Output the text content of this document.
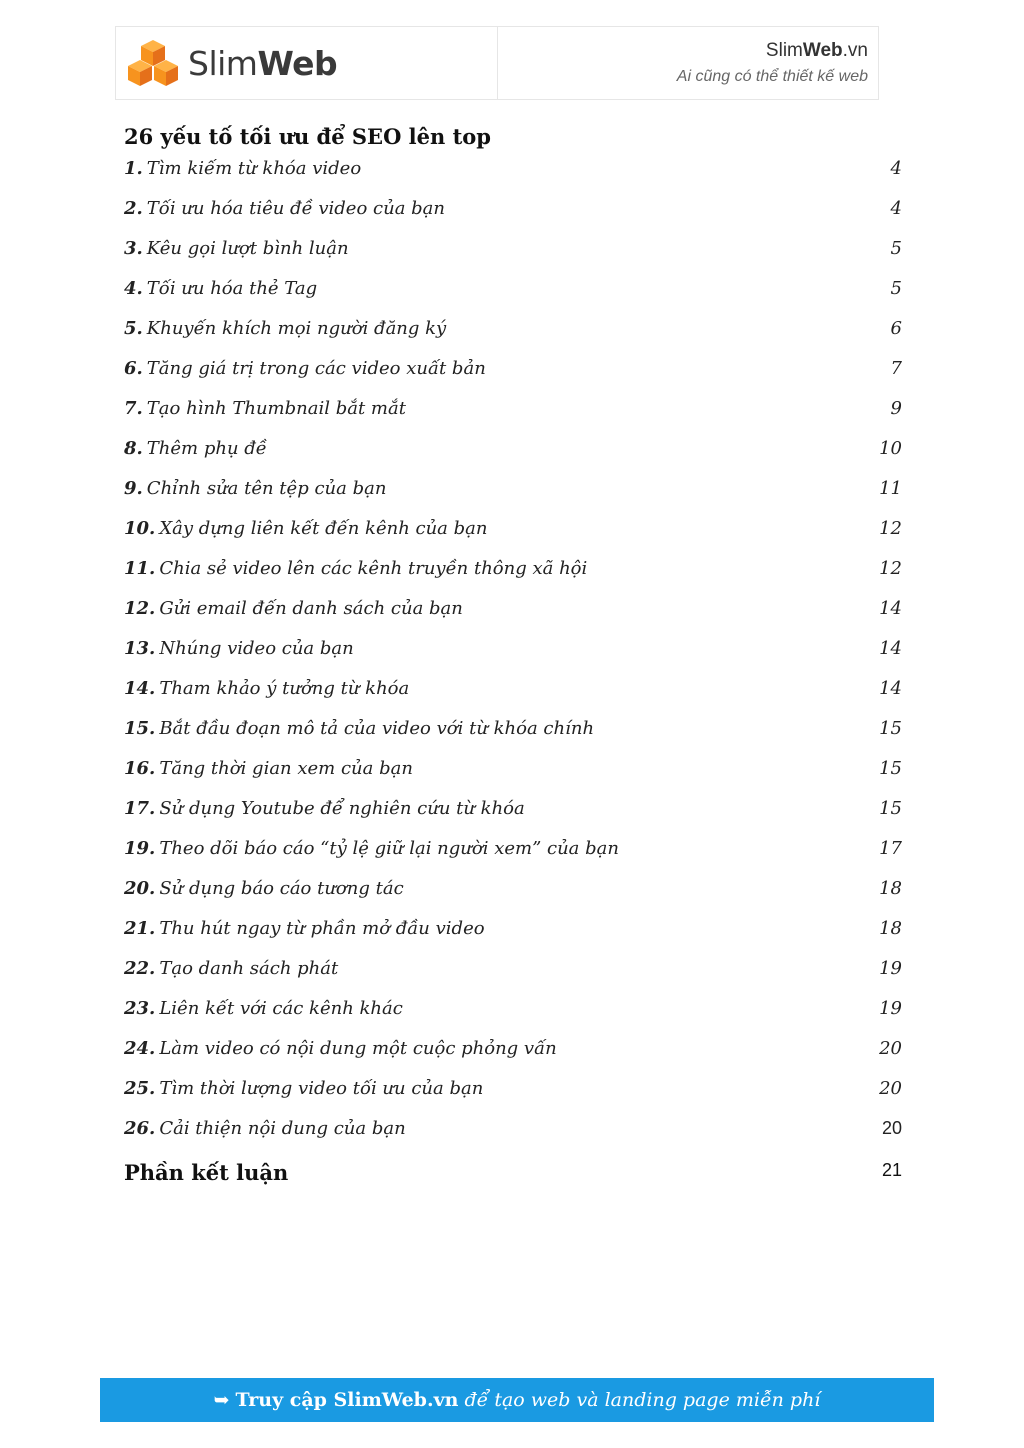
SlimWeb	SlimWeb.vn
Ai cũng có thể thiết kế web
26 yếu tố tối ưu để SEO lên top
1. Tìm kiếm từ khóa video	4
2. Tối ưu hóa tiêu đề video của bạn	4
3. Kêu gọi lượt bình luận	5
4. Tối ưu hóa thẻ Tag	5
5. Khuyến khích mọi người đăng ký	6
6. Tăng giá trị trong các video xuất bản	7
7. Tạo hình Thumbnail bắt mắt	9
8. Thêm phụ đề	10
9. Chỉnh sửa tên tệp của bạn	11
10. Xây dựng liên kết đến kênh của bạn	12
11. Chia sẻ video lên các kênh truyền thông xã hội	12
12. Gửi email đến danh sách của bạn	14
13. Nhúng video của bạn	14
14. Tham khảo ý tưởng từ khóa	14
15. Bắt đầu đoạn mô tả của video với từ khóa chính	15
16. Tăng thời gian xem của bạn	15
17. Sử dụng Youtube để nghiên cứu từ khóa	15
19. Theo dõi báo cáo “tỷ lệ giữ lại người xem” của bạn	17
20. Sử dụng báo cáo tương tác	18
21. Thu hút ngay từ phần mở đầu video	18
22. Tạo danh sách phát	19
23. Liên kết với các kênh khác	19
24. Làm video có nội dung một cuộc phỏng vấn	20
25. Tìm thời lượng video tối ưu của bạn	20
26. Cải thiện nội dung của bạn	20
Phần kết luận	21
➥ Truy cập SlimWeb.vn để tạo web và landing page miễn phí
